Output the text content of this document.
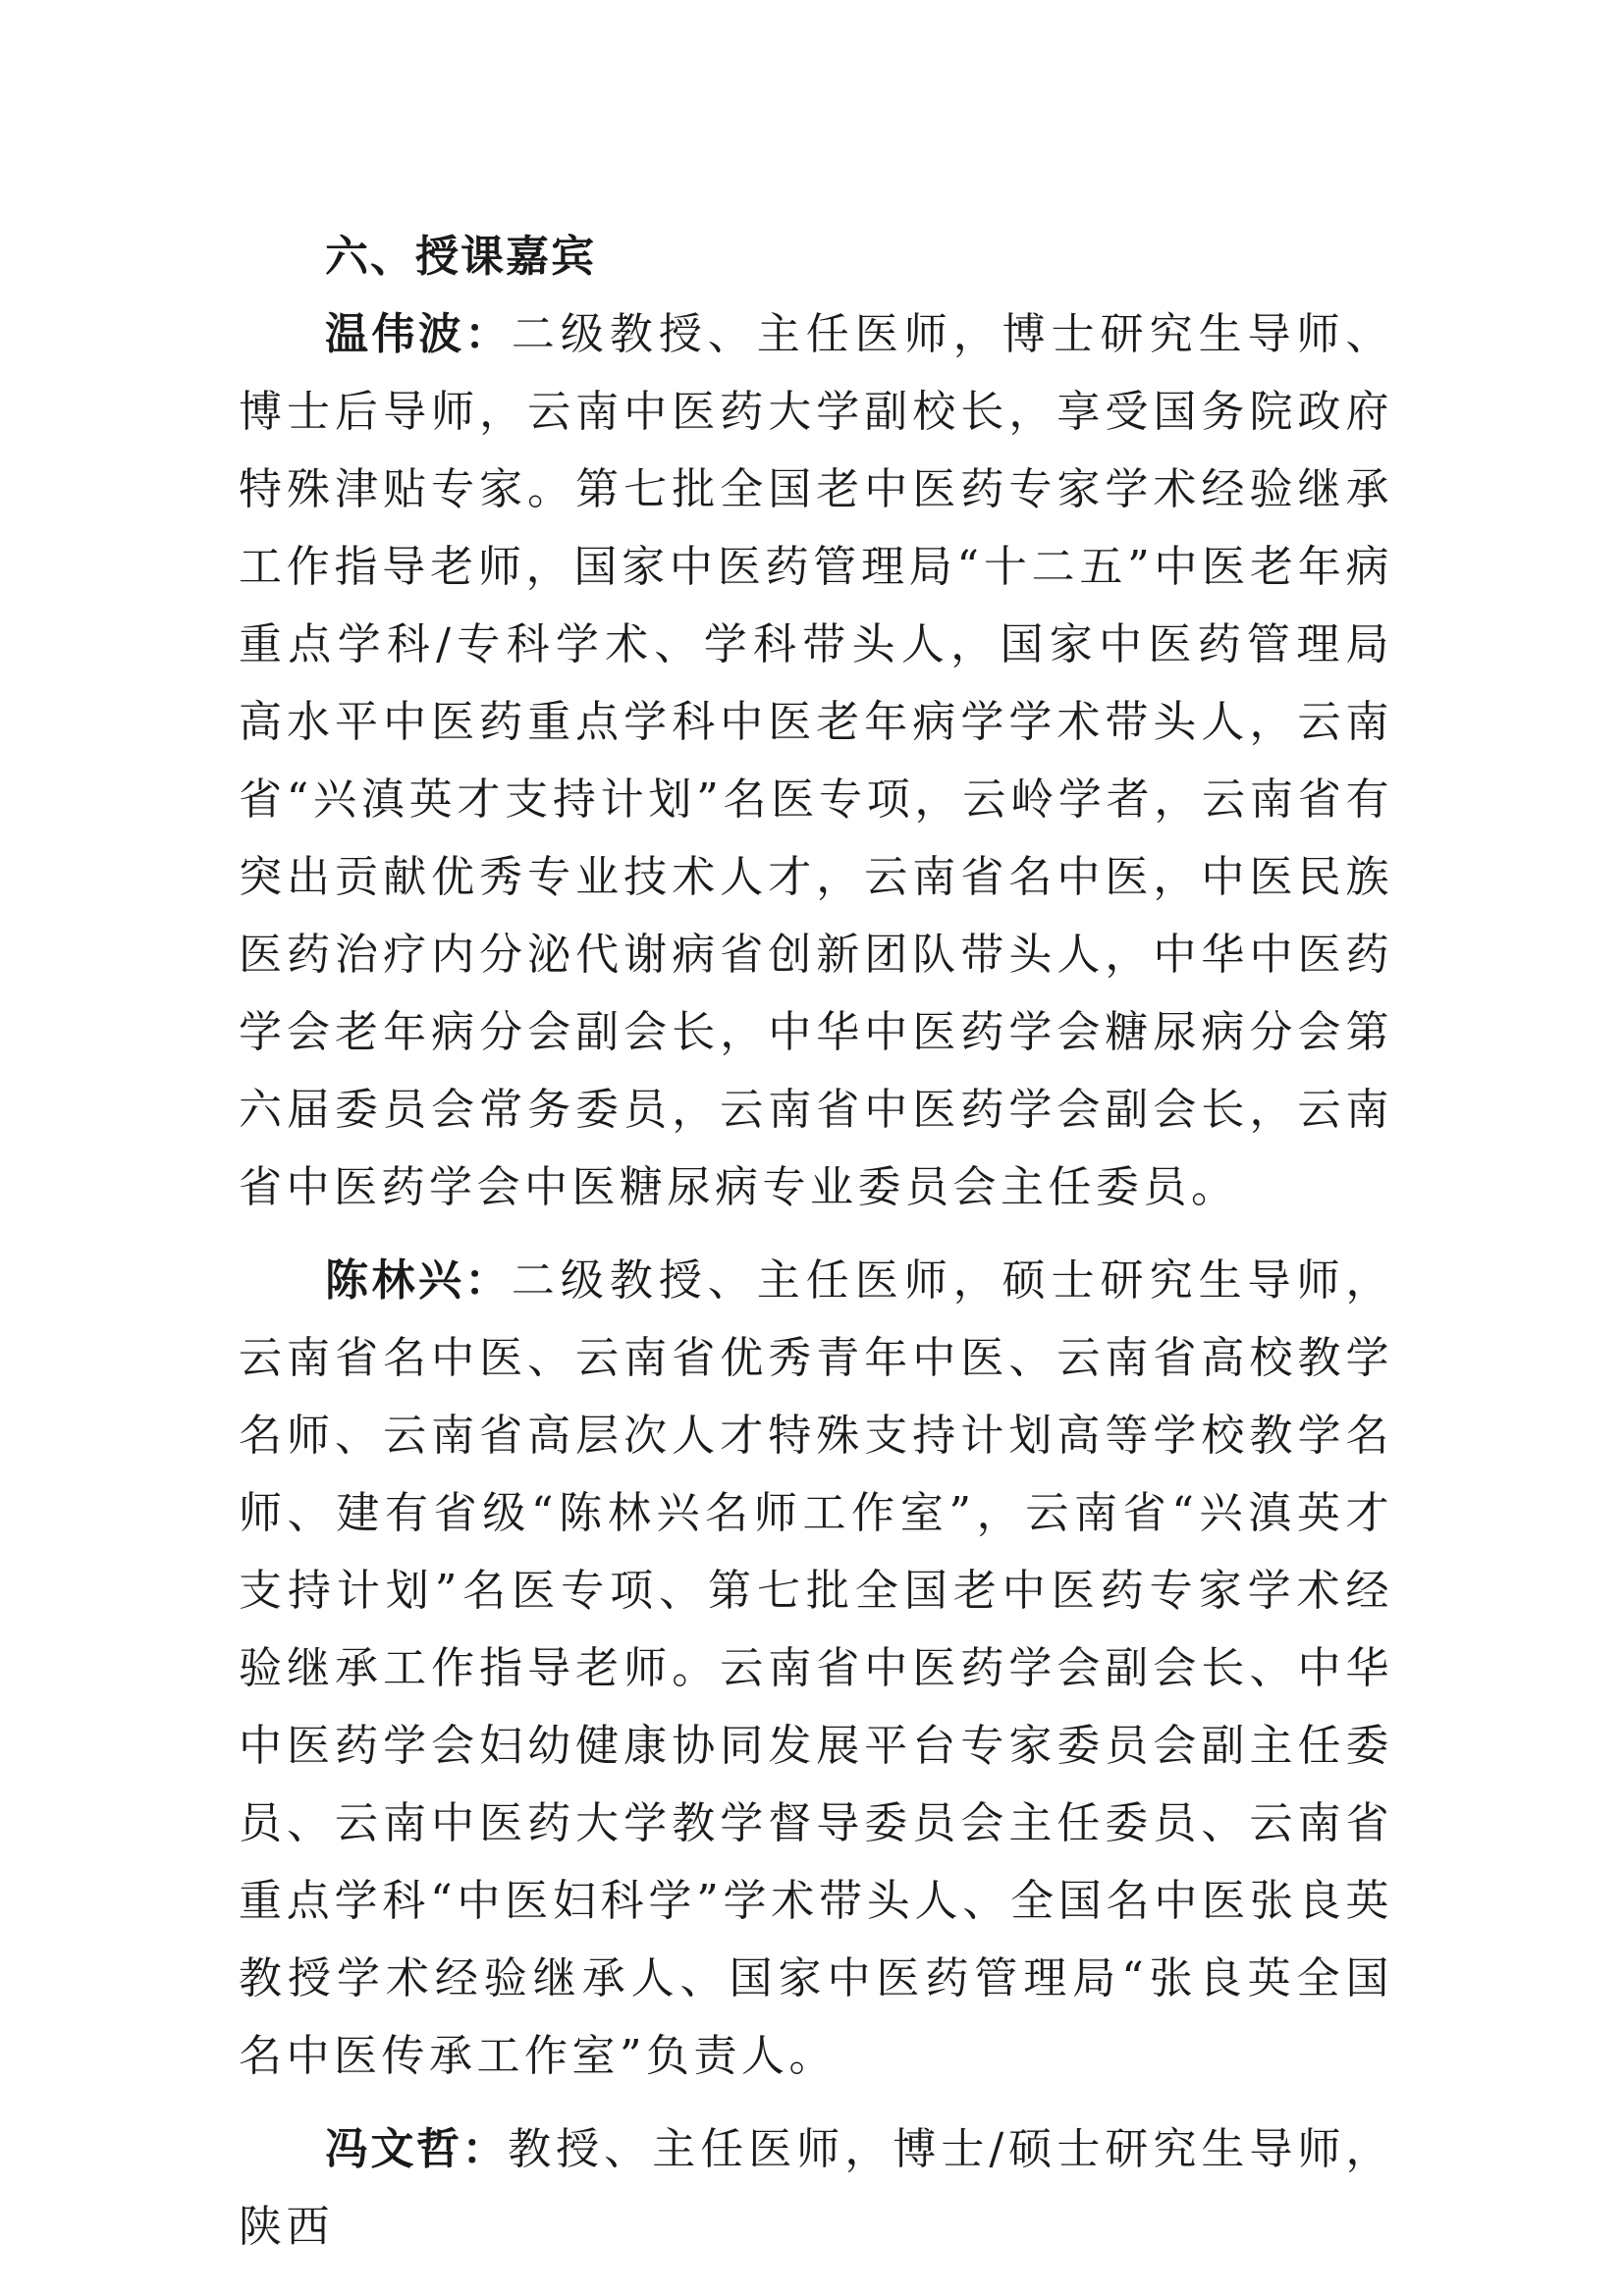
六、授课嘉宾

温伟波：二级教授、主任医师，博士研究生导师、博士后导师，云南中医药大学副校长，享受国务院政府特殊津贴专家。第七批全国老中医药专家学术经验继承工作指导老师，国家中医药管理局“十二五”中医老年病重点学科/专科学术、学科带头人，国家中医药管理局高水平中医药重点学科中医老年病学学术带头人，云南省“兴滇英才支持计划”名医专项，云岭学者，云南省有突出贡献优秀专业技术人才，云南省名中医，中医民族医药治疗内分泌代谢病省创新团队带头人，中华中医药学会老年病分会副会长，中华中医药学会糖尿病分会第六届委员会常务委员，云南省中医药学会副会长，云南省中医药学会中医糖尿病专业委员会主任委员。

陈林兴：二级教授、主任医师，硕士研究生导师，云南省名中医、云南省优秀青年中医、云南省高校教学名师、云南省高层次人才特殊支持计划高等学校教学名师、建有省级“陈林兴名师工作室”，云南省“兴滇英才支持计划”名医专项、第七批全国老中医药专家学术经验继承工作指导老师。云南省中医药学会副会长、中华中医药学会妇幼健康协同发展平台专家委员会副主任委员、云南中医药大学教学督导委员会主任委员、云南省重点学科“中医妇科学”学术带头人、全国名中医张良英教授学术经验继承人、国家中医药管理局“张良英全国名中医传承工作室”负责人。

冯文哲：教授、主任医师，博士/硕士研究生导师，陕西
